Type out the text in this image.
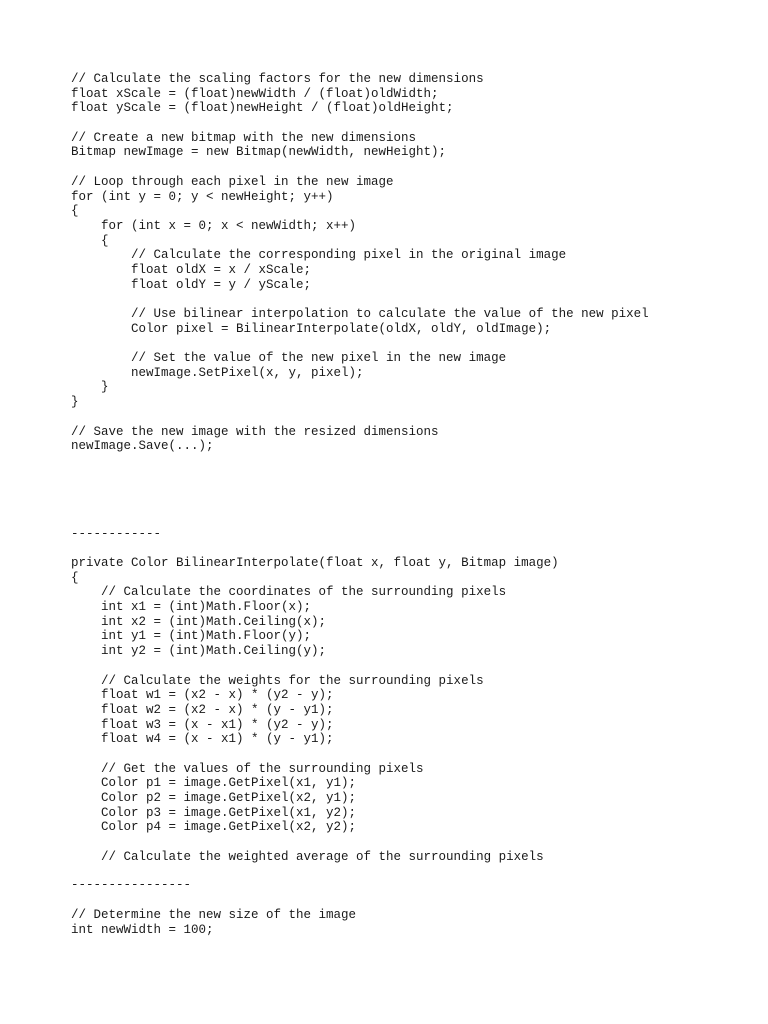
// Calculate the scaling factors for the new dimensions
float xScale = (float)newWidth / (float)oldWidth;
float yScale = (float)newHeight / (float)oldHeight;
// Create a new bitmap with the new dimensions
Bitmap newImage = new Bitmap(newWidth, newHeight);
// Loop through each pixel in the new image
for (int y = 0; y < newHeight; y++)
{
for (int x = 0; x < newWidth; x++)
{
// Calculate the corresponding pixel in the original image
float oldX = x / xScale;
float oldY = y / yScale;
// Use bilinear interpolation to calculate the value of the new pixel
Color pixel = BilinearInterpolate(oldX, oldY, oldImage);
// Set the value of the new pixel in the new image
newImage.SetPixel(x, y, pixel);
}
}
// Save the new image with the resized dimensions
newImage.Save(...);
------------
private Color BilinearInterpolate(float x, float y, Bitmap image)
{
// Calculate the coordinates of the surrounding pixels
int x1 = (int)Math.Floor(x);
int x2 = (int)Math.Ceiling(x);
int y1 = (int)Math.Floor(y);
int y2 = (int)Math.Ceiling(y);
// Calculate the weights for the surrounding pixels
float w1 = (x2 - x) * (y2 - y);
float w2 = (x2 - x) * (y - y1);
float w3 = (x - x1) * (y2 - y);
float w4 = (x - x1) * (y - y1);
// Get the values of the surrounding pixels
Color p1 = image.GetPixel(x1, y1);
Color p2 = image.GetPixel(x2, y1);
Color p3 = image.GetPixel(x1, y2);
Color p4 = image.GetPixel(x2, y2);
// Calculate the weighted average of the surrounding pixels
----------------
// Determine the new size of the image
int newWidth = 100;
